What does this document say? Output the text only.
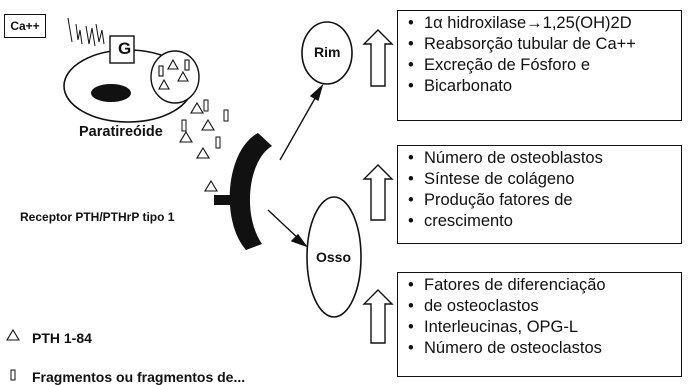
Ca++
G
Paratireóide
Receptor PTH/PTHrP tipo 1
Rim
Osso
• 1α hidroxilase→1,25(OH)2D
• Reabsorção tubular de Ca++
• Excreção de Fósforo e
• Bicarbonato
• Número de osteoblastos
• Síntese de colágeno
• Produção fatores de
• crescimento
• Fatores de diferenciação
• de osteoclastos
• Interleucinas, OPG-L
• Número de osteoclastos
PTH 1-84
Fragmentos ou fragmentos de...
